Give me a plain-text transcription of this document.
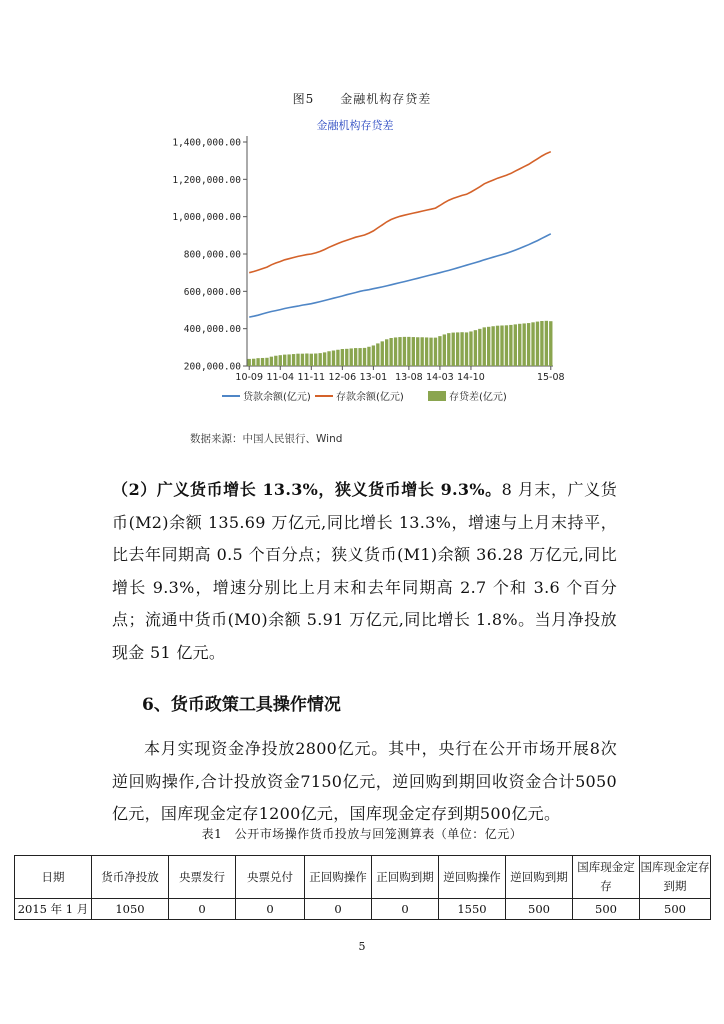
图5　　金融机构存贷差
金融机构存贷差
1,400,000.00
1,200,000.00
1,000,000.00
800,000.00
600,000.00
400,000.00
200,000.00
10-09 11-04 11-11 12-06 13-01 13-08 14-03 14-10	15-08
贷款余额(亿元)	存款余额(亿元)	存贷差(亿元)
数据来源：中国人民银行、Wind
（2）广义货币增长 13.3%，狭义货币增长 9.3%。8 月末，广义货币(M2)余额 135.69 万亿元,同比增长 13.3%，增速与上月末持平，比去年同期高 0.5 个百分点；狭义货币(M1)余额 36.28 万亿元,同比增长 9.3%，增速分别比上月末和去年同期高 2.7 个和 3.6 个百分点；流通中货币(M0)余额 5.91 万亿元,同比增长 1.8%。当月净投放现金 51 亿元。
6、货币政策工具操作情况
本月实现资金净投放2800亿元。其中，央行在公开市场开展8次逆回购操作,合计投放资金7150亿元，逆回购到期回收资金合计5050亿元，国库现金定存1200亿元，国库现金定存到期500亿元。
表1　公开市场操作货币投放与回笼测算表（单位：亿元）
日期	货币净投放	央票发行	央票兑付	正回购操作	正回购到期	逆回购操作	逆回购到期	国库现金定存	国库现金定存到期
2015 年 1 月	1050	0	0	0	0	1550	500	500	500
5
